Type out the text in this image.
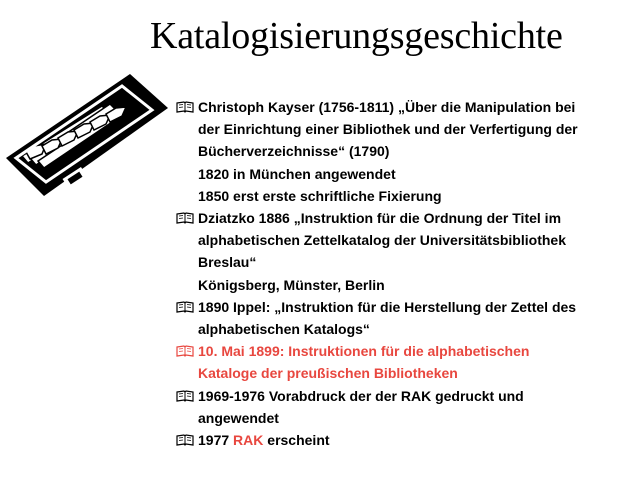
Katalogisierungsgeschichte
Christoph Kayser (1756-1811) „Über die Manipulation bei
der Einrichtung einer Bibliothek und der Verfertigung der
Bücherverzeichnisse“ (1790)
1820 in München angewendet
1850 erst erste schriftliche Fixierung
Dziatzko 1886 „Instruktion für die Ordnung der Titel im
alphabetischen Zettelkatalog der Universitätsbibliothek
Breslau“
Königsberg, Münster, Berlin
1890 Ippel: „Instruktion für die Herstellung der Zettel des
alphabetischen Katalogs“
10. Mai 1899: Instruktionen für die alphabetischen
Kataloge der preußischen Bibliotheken
1969-1976 Vorabdruck der der RAK gedruckt und
angewendet
1977 RAK erscheint
